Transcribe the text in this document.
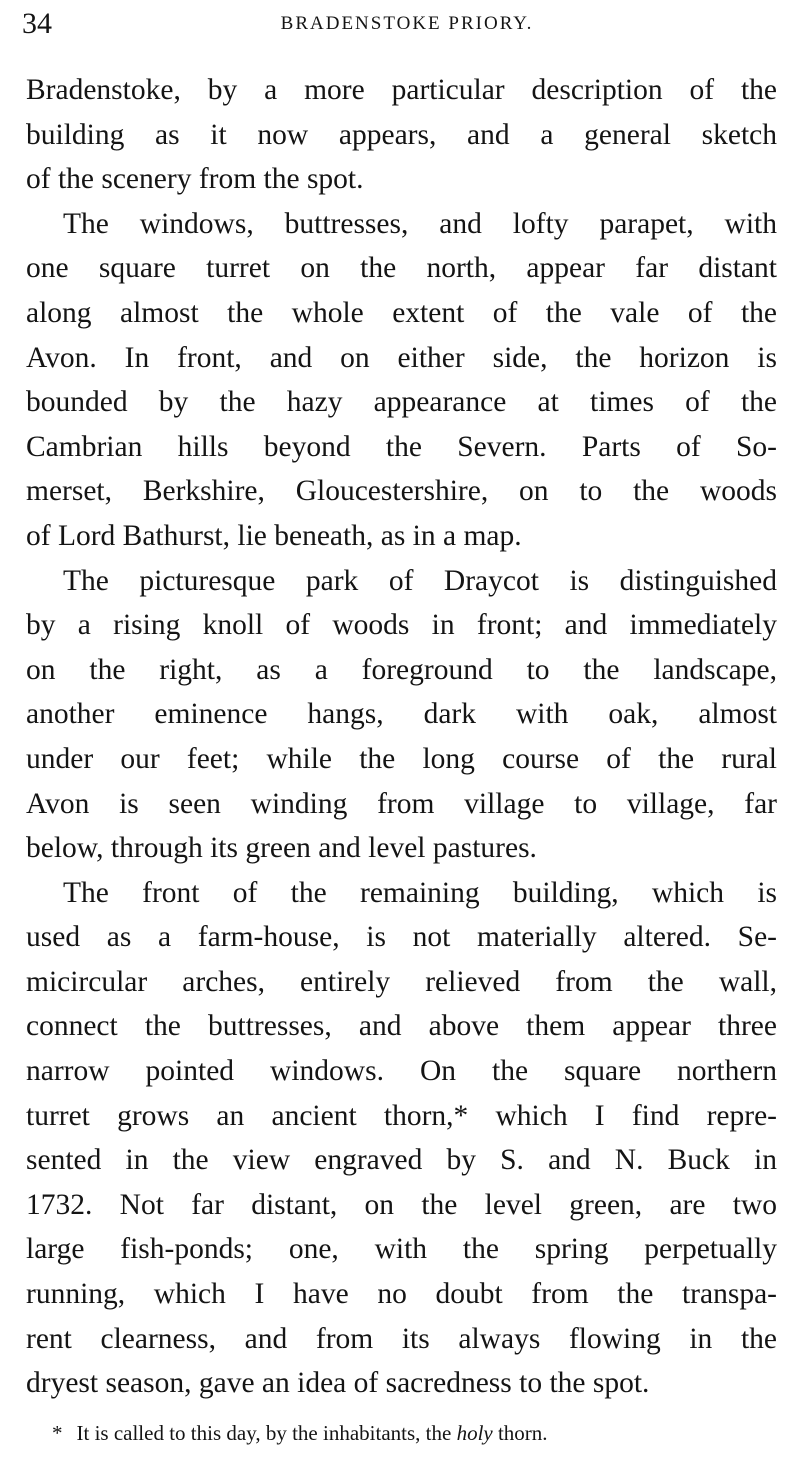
34	BRADENSTOKE PRIORY.
Bradenstoke, by a more particular description of the
building as it now appears, and a general sketch
of the scenery from the spot.
The windows, buttresses, and lofty parapet, with
one square turret on the north, appear far distant
along almost the whole extent of the vale of the
Avon. In front, and on either side, the horizon is
bounded by the hazy appearance at times of the
Cambrian hills beyond the Severn. Parts of So-
merset, Berkshire, Gloucestershire, on to the woods
of Lord Bathurst, lie beneath, as in a map.
The picturesque park of Draycot is distinguished
by a rising knoll of woods in front; and immediately
on the right, as a foreground to the landscape,
another eminence hangs, dark with oak, almost
under our feet; while the long course of the rural
Avon is seen winding from village to village, far
below, through its green and level pastures.
The front of the remaining building, which is
used as a farm-house, is not materially altered. Se-
micircular arches, entirely relieved from the wall,
connect the buttresses, and above them appear three
narrow pointed windows. On the square northern
turret grows an ancient thorn,* which I find repre-
sented in the view engraved by S. and N. Buck in
1732. Not far distant, on the level green, are two
large fish-ponds; one, with the spring perpetually
running, which I have no doubt from the transpa-
rent clearness, and from its always flowing in the
dryest season, gave an idea of sacredness to the spot.
* It is called to this day, by the inhabitants, the holy thorn.
